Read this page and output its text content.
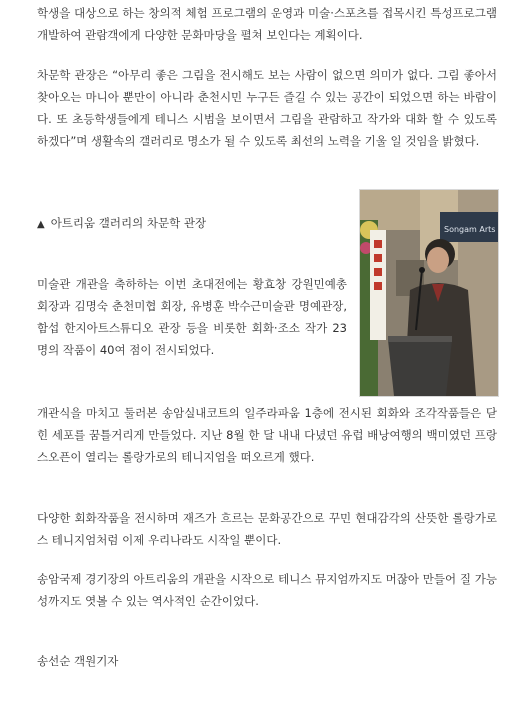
학생을 대상으로 하는 창의적 체험 프로그램의 운영과 미술·스포츠를 접목시킨 특성프로그램 개발하여 관람객에게 다양한 문화마당을 펼쳐 보인다는 계획이다.

차문학 관장은 “아무리 좋은 그림을 전시해도 보는 사람이 없으면 의미가 없다. 그림 좋아서 찾아오는 마니아 뿐만이 아니라 춘천시민 누구든 즐길 수 있는 공간이 되었으면 하는 바람이다. 또 초등학생들에게 테니스 시범을 보이면서 그림을 관람하고 작가와 대화 할 수 있도록 하겠다”며 생활속의 갤러리로 명소가 될 수 있도록 최선의 노력을 기울 일 것임을 밝혔다.

Songam Arts

▲ 아트리움 갤러리의 차문학 관장

미술관 개관을 축하하는 이번 초대전에는 황효창 강원민예총 회장과 김명숙 춘천미협 회장, 유병훈 박수근미술관 명예관장, 함섭 한지아트스튜디오 관장 등을 비롯한 회화·조소 작가 23명의 작품이 40여 점이 전시되었다.

개관식을 마치고 둘러본 송암실내코트의 일주라파움 1층에 전시된 회화와 조각작품들은 닫힌 세포를 꿈틀거리게 만들었다. 지난 8월 한 달 내내 다녔던 유럽 배낭여행의 백미였던 프랑스오픈이 열리는 롤랑가로의 테니지엄을 떠오르게 했다.

다양한 회화작품을 전시하며 재즈가 흐르는 문화공간으로 꾸민 현대감각의 산뜻한 롤랑가로스 테니지엄처럼 이제 우리나라도 시작일 뿐이다.

송암국제 경기장의 아트리움의 개관을 시작으로 테니스 뮤지엄까지도 머잖아 만들어 질 가능성까지도 엿볼 수 있는 역사적인 순간이었다.

송선순 객원기자
